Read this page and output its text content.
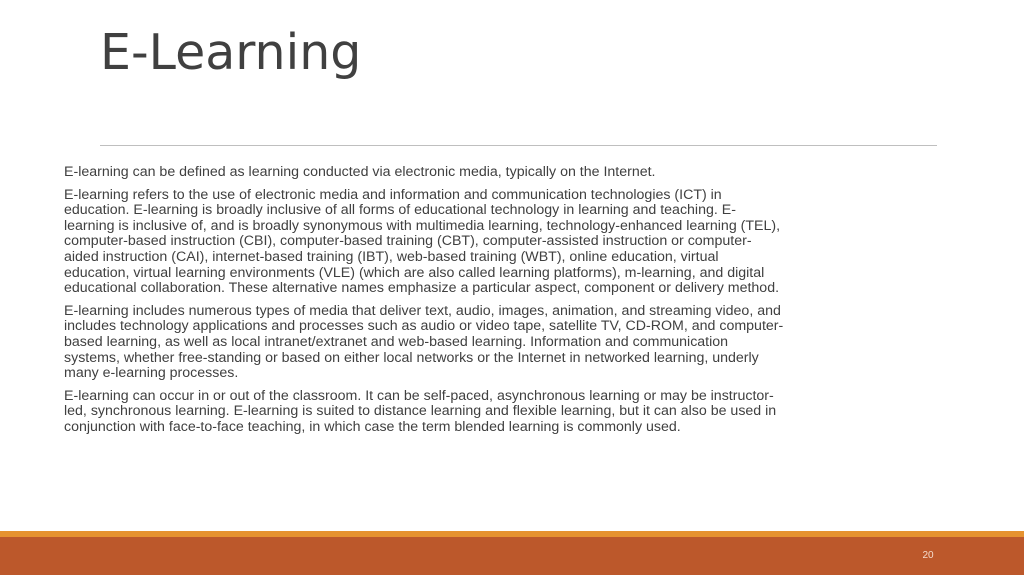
E-Learning

E-learning can be defined as learning conducted via electronic media, typically on the Internet.

E-learning refers to the use of electronic media and information and communication technologies (ICT) in education. E-learning is broadly inclusive of all forms of educational technology in learning and teaching. E-learning is inclusive of, and is broadly synonymous with multimedia learning, technology-enhanced learning (TEL), computer-based instruction (CBI), computer-based training (CBT), computer-assisted instruction or computer-aided instruction (CAI), internet-based training (IBT), web-based training (WBT), online education, virtual education, virtual learning environments (VLE) (which are also called learning platforms), m-learning, and digital educational collaboration. These alternative names emphasize a particular aspect, component or delivery method.

E-learning includes numerous types of media that deliver text, audio, images, animation, and streaming video, and includes technology applications and processes such as audio or video tape, satellite TV, CD-ROM, and computer-based learning, as well as local intranet/extranet and web-based learning. Information and communication systems, whether free-standing or based on either local networks or the Internet in networked learning, underly many e-learning processes.

E-learning can occur in or out of the classroom. It can be self-paced, asynchronous learning or may be instructor-led, synchronous learning. E-learning is suited to distance learning and flexible learning, but it can also be used in conjunction with face-to-face teaching, in which case the term blended learning is commonly used.

20
